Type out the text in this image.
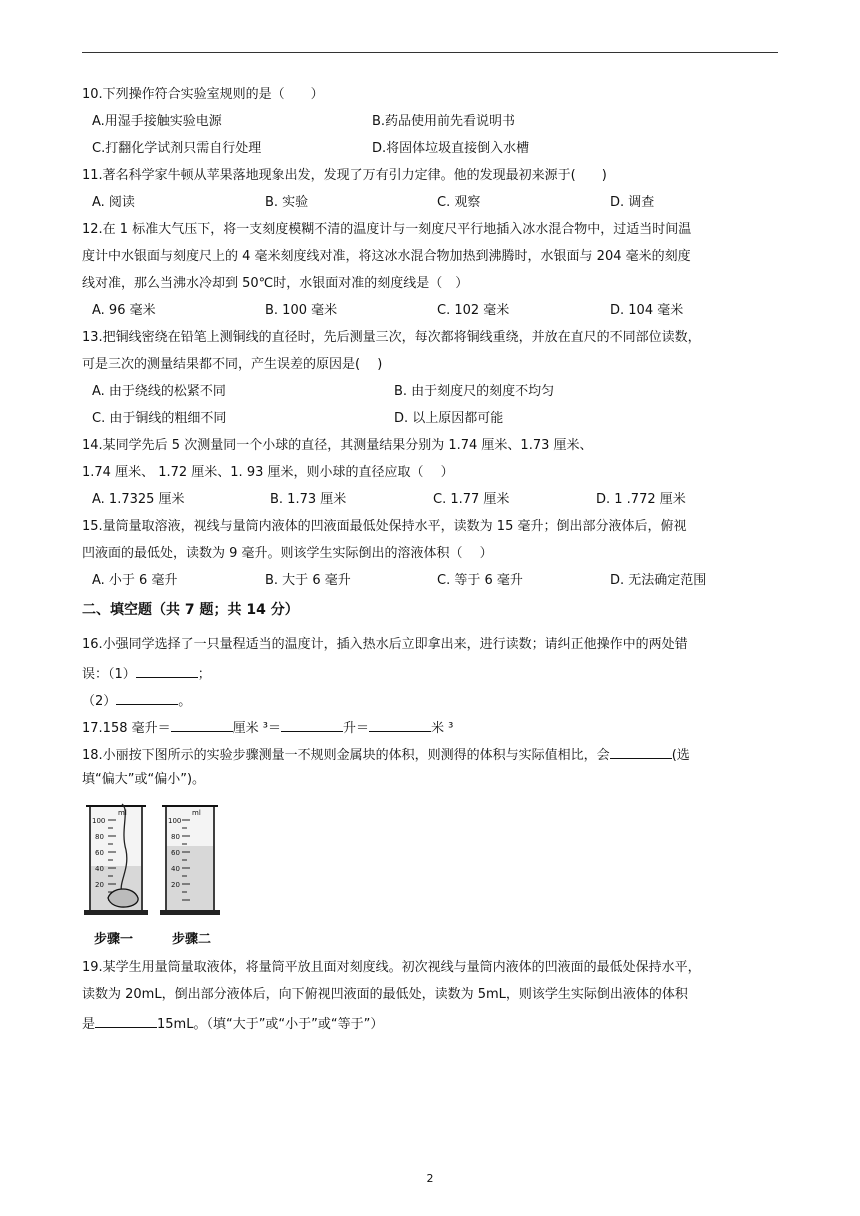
10.下列操作符合实验室规则的是（　　）
A.用湿手接触实验电源	B.药品使用前先看说明书
C.打翻化学试剂只需自行处理	D.将固体垃圾直接倒入水槽
11.著名科学家牛顿从苹果落地现象出发，发现了万有引力定律。他的发现最初来源于(　　)
A. 阅读	B. 实验	C. 观察	D. 调查
12.在 1 标准大气压下，将一支刻度模糊不清的温度计与一刻度尺平行地插入冰水混合物中，过适当时间温
度计中水银面与刻度尺上的 4 毫米刻度线对准，将这冰水混合物加热到沸腾时，水银面与 204 毫米的刻度
线对准，那么当沸水冷却到 50℃时，水银面对准的刻度线是（　）
A. 96 毫米	B. 100 毫米	C. 102 毫米	D. 104 毫米
13.把铜线密绕在铅笔上测铜线的直径时，先后测量三次，每次都将铜线重绕，并放在直尺的不同部位读数，
可是三次的测量结果都不同，产生误差的原因是(　 )
A. 由于绕线的松紧不同	B. 由于刻度尺的刻度不均匀
C. 由于铜线的粗细不同	D. 以上原因都可能
14.某同学先后 5 次测量同一个小球的直径，其测量结果分别为 1.74 厘米、1.73 厘米、
1.74 厘米、 1.72 厘米、1. 93 厘米，则小球的直径应取（　 ）
A. 1.7325 厘米	B. 1.73 厘米	C. 1.77 厘米	D. 1 .772 厘米
15.量筒量取溶液，视线与量筒内液体的凹液面最低处保持水平，读数为 15 毫升；倒出部分液体后，俯视
凹液面的最低处，读数为 9 毫升。则该学生实际倒出的溶液体积（　 ）
A. 小于 6 毫升	B. 大于 6 毫升	C. 等于 6 毫升	D. 无法确定范围
二、填空题（共 7 题；共 14 分）
16.小强同学选择了一只量程适当的温度计，插入热水后立即拿出来，进行读数；请纠正他操作中的两处错
误：（1）	；
（2）	。
17.158 毫升＝	厘米 ³＝	升＝	米 ³
18.小丽按下图所示的实验步骤测量一不规则金属块的体积，则测得的体积与实际值相比，会	(选
填“偏大”或“偏小”)。
100
80
60
40
20
ml
100
80
60
40
20
ml
步骤一	步骤二
19.某学生用量筒量取液体，将量筒平放且面对刻度线。初次视线与量筒内液体的凹液面的最低处保持水平，
读数为 20mL，倒出部分液体后，向下俯视凹液面的最低处，读数为 5mL，则该学生实际倒出液体的体积
是	15mL。（填“大于”或“小于”或“等于”）
2
